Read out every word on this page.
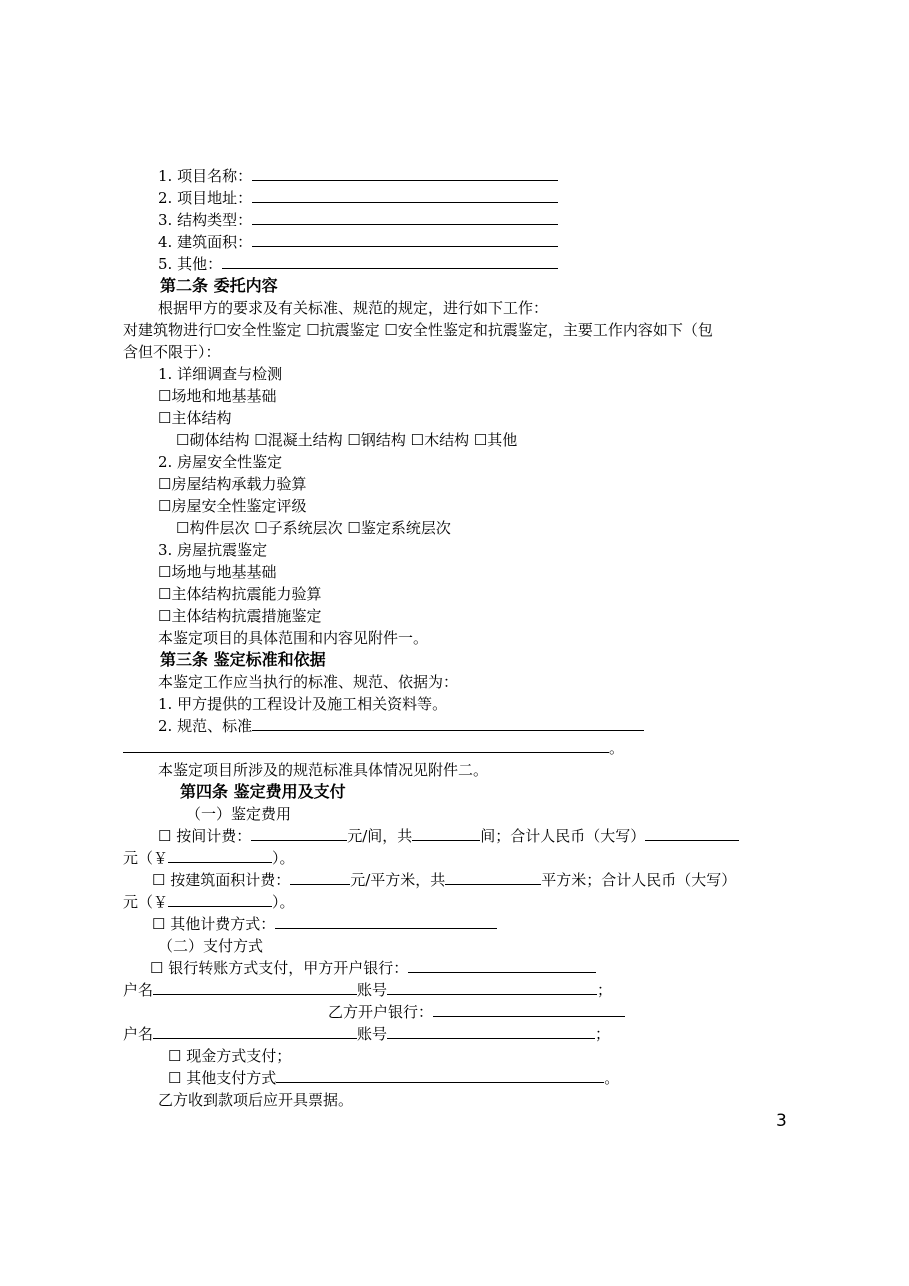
1. 项目名称：
2. 项目地址：
3. 结构类型：
4. 建筑面积：
5. 其他：
第二条 委托内容
根据甲方的要求及有关标准、规范的规定，进行如下工作：
对建筑物进行☐安全性鉴定 ☐抗震鉴定 ☐安全性鉴定和抗震鉴定，主要工作内容如下（包
含但不限于）：
1. 详细调查与检测
☐场地和地基基础
☐主体结构
☐砌体结构 ☐混凝土结构 ☐钢结构 ☐木结构 ☐其他
2. 房屋安全性鉴定
☐房屋结构承载力验算
☐房屋安全性鉴定评级
☐构件层次 ☐子系统层次 ☐鉴定系统层次
3. 房屋抗震鉴定
☐场地与地基基础
☐主体结构抗震能力验算
☐主体结构抗震措施鉴定
本鉴定项目的具体范围和内容见附件一。
第三条 鉴定标准和依据
本鉴定工作应当执行的标准、规范、依据为：
1. 甲方提供的工程设计及施工相关资料等。
2. 规范、标准
。
本鉴定项目所涉及的规范标准具体情况见附件二。
第四条 鉴定费用及支付
（一）鉴定费用
☐ 按间计费：	元/间，共	间；合计人民币（大写）
元（￥	）。
☐ 按建筑面积计费：	元/平方米，共	平方米；合计人民币（大写）
元（￥	）。
☐ 其他计费方式：
（二）支付方式
☐ 银行转账方式支付，甲方开户银行：
户名	账号	；
乙方开户银行：
户名	账号	；
☐ 现金方式支付；
☐ 其他支付方式	。
乙方收到款项后应开具票据。
3
